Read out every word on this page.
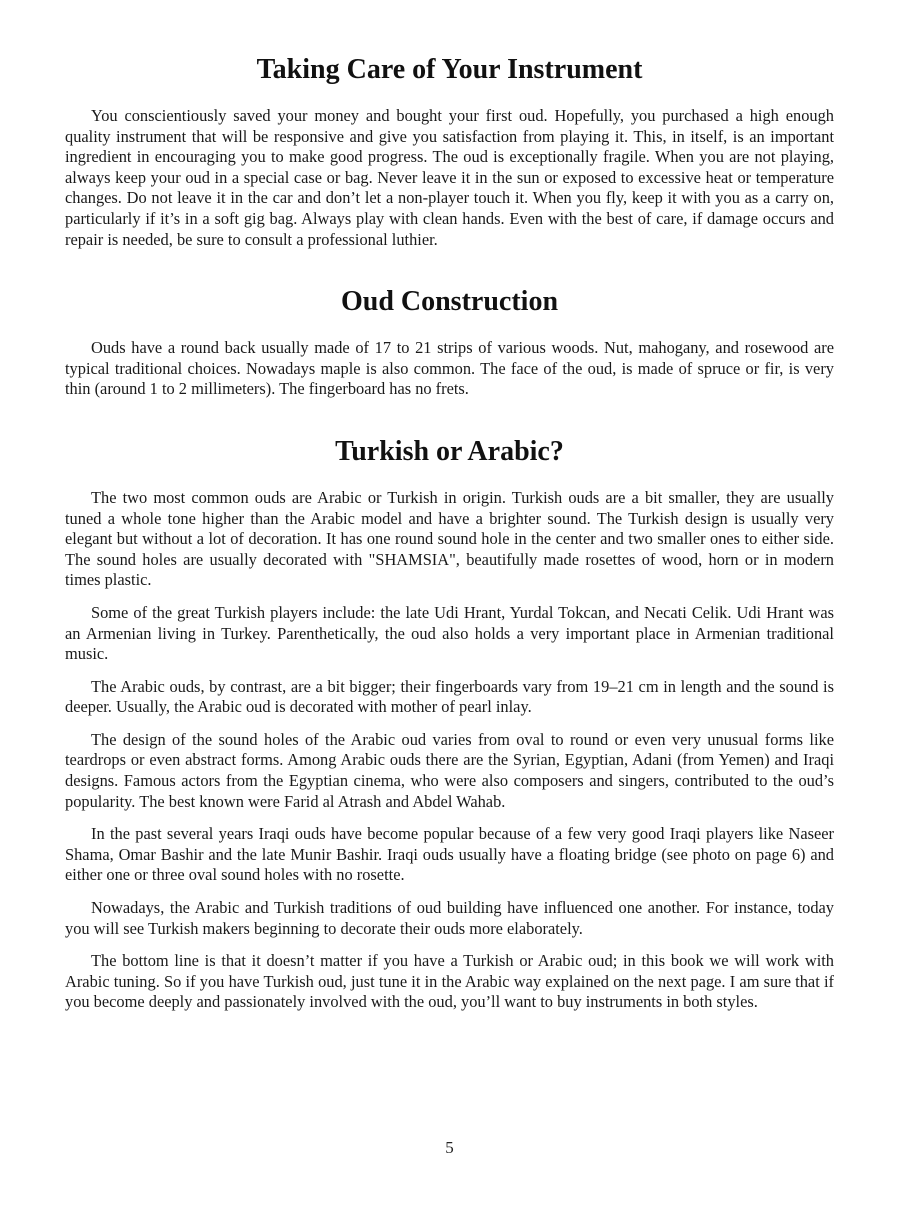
Taking Care of Your Instrument

You conscientiously saved your money and bought your first oud. Hopefully, you purchased a high enough quality instrument that will be responsive and give you satisfaction from playing it. This, in itself, is an important ingredient in encouraging you to make good progress. The oud is exceptionally fragile. When you are not playing, always keep your oud in a special case or bag. Never leave it in the sun or exposed to excessive heat or temperature changes. Do not leave it in the car and don’t let a non-player touch it. When you fly, keep it with you as a carry on, particularly if it’s in a soft gig bag. Always play with clean hands. Even with the best of care, if damage occurs and repair is needed, be sure to consult a professional luthier.

Oud Construction

Ouds have a round back usually made of 17 to 21 strips of various woods. Nut, mahogany, and rosewood are typical traditional choices. Nowadays maple is also common. The face of the oud, is made of spruce or fir, is very thin (around 1 to 2 millimeters). The fingerboard has no frets.

Turkish or Arabic?

The two most common ouds are Arabic or Turkish in origin. Turkish ouds are a bit smaller, they are usually tuned a whole tone higher than the Arabic model and have a brighter sound. The Turkish design is usually very elegant but without a lot of decoration. It has one round sound hole in the center and two smaller ones to either side. The sound holes are usually decorated with "SHAMSIA", beautifully made rosettes of wood, horn or in modern times plastic.

Some of the great Turkish players include: the late Udi Hrant, Yurdal Tokcan, and Necati Celik. Udi Hrant was an Armenian living in Turkey. Parenthetically, the oud also holds a very important place in Armenian traditional music.

The Arabic ouds, by contrast, are a bit bigger; their fingerboards vary from 19–21 cm in length and the sound is deeper. Usually, the Arabic oud is decorated with mother of pearl inlay.

The design of the sound holes of the Arabic oud varies from oval to round or even very unusual forms like teardrops or even abstract forms. Among Arabic ouds there are the Syrian, Egyptian, Adani (from Yemen) and Iraqi designs. Famous actors from the Egyptian cinema, who were also composers and singers, contributed to the oud’s popularity. The best known were Farid al Atrash and Abdel Wahab.

In the past several years Iraqi ouds have become popular because of a few very good Iraqi players like Naseer Shama, Omar Bashir and the late Munir Bashir. Iraqi ouds usually have a floating bridge (see photo on page 6) and either one or three oval sound holes with no rosette.

Nowadays, the Arabic and Turkish traditions of oud building have influenced one another. For instance, today you will see Turkish makers beginning to decorate their ouds more elaborately.

The bottom line is that it doesn’t matter if you have a Turkish or Arabic oud; in this book we will work with Arabic tuning. So if you have Turkish oud, just tune it in the Arabic way explained on the next page. I am sure that if you become deeply and passionately involved with the oud, you’ll want to buy instruments in both styles.

5
